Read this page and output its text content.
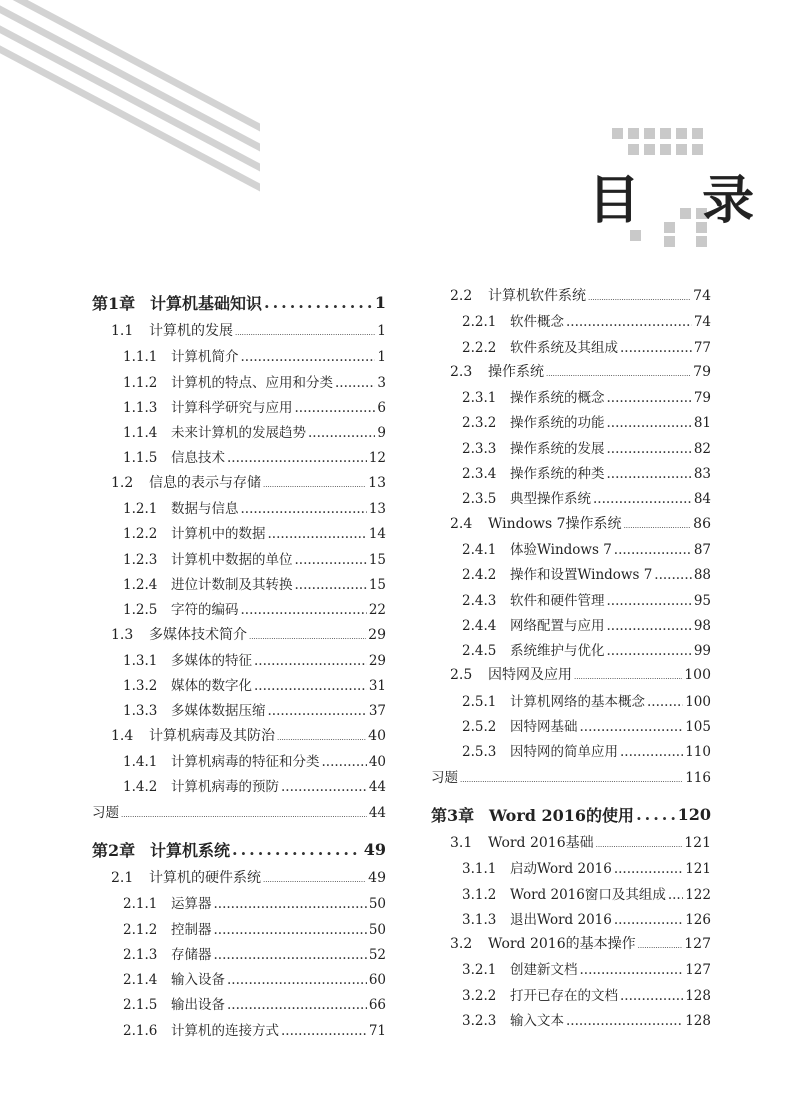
目 录
第1章 计算机基础知识 .....	1
1.1	计算机的发展 .....	1
1.1.1	计算机简介 .....	1
1.1.2	计算机的特点、应用和分类 .....	3
1.1.3	计算科学研究与应用 .....	6
1.1.4	未来计算机的发展趋势 .....	9
1.1.5	信息技术 .....	12
1.2	信息的表示与存储 .....	13
1.2.1	数据与信息 .....	13
1.2.2	计算机中的数据 .....	14
1.2.3	计算机中数据的单位 .....	15
1.2.4	进位计数制及其转换 .....	15
1.2.5	字符的编码 .....	22
1.3	多媒体技术简介 .....	29
1.3.1	多媒体的特征 .....	29
1.3.2	媒体的数字化 .....	31
1.3.3	多媒体数据压缩 .....	37
1.4	计算机病毒及其防治 .....	40
1.4.1	计算机病毒的特征和分类 .....	40
1.4.2	计算机病毒的预防 .....	44
习题 .....	44
第2章 计算机系统 .....	49
2.1	计算机的硬件系统 .....	49
2.1.1	运算器 .....	50
2.1.2	控制器 .....	50
2.1.3	存储器 .....	52
2.1.4	输入设备 .....	60
2.1.5	输出设备 .....	66
2.1.6	计算机的连接方式 .....	71
2.2	计算机软件系统 .....	74
2.2.1	软件概念 .....	74
2.2.2	软件系统及其组成 .....	77
2.3	操作系统 .....	79
2.3.1	操作系统的概念 .....	79
2.3.2	操作系统的功能 .....	81
2.3.3	操作系统的发展 .....	82
2.3.4	操作系统的种类 .....	83
2.3.5	典型操作系统 .....	84
2.4	Windows 7操作系统 .....	86
2.4.1	体验Windows 7 .....	87
2.4.2	操作和设置Windows 7 .....	88
2.4.3	软件和硬件管理 .....	95
2.4.4	网络配置与应用 .....	98
2.4.5	系统维护与优化 .....	99
2.5	因特网及应用 .....	100
2.5.1	计算机网络的基本概念 .....	100
2.5.2	因特网基础 .....	105
2.5.3	因特网的简单应用 .....	110
习题 .....	116
第3章 Word 2016的使用 .....	120
3.1	Word 2016基础 .....	121
3.1.1	启动Word 2016 .....	121
3.1.2	Word 2016窗口及其组成 ..... 122
3.1.3	退出Word 2016 .....	126
3.2	Word 2016的基本操作 .....	127
3.2.1	创建新文档 .....	127
3.2.2	打开已存在的文档 .....	128
3.2.3	输入文本 .....	128
